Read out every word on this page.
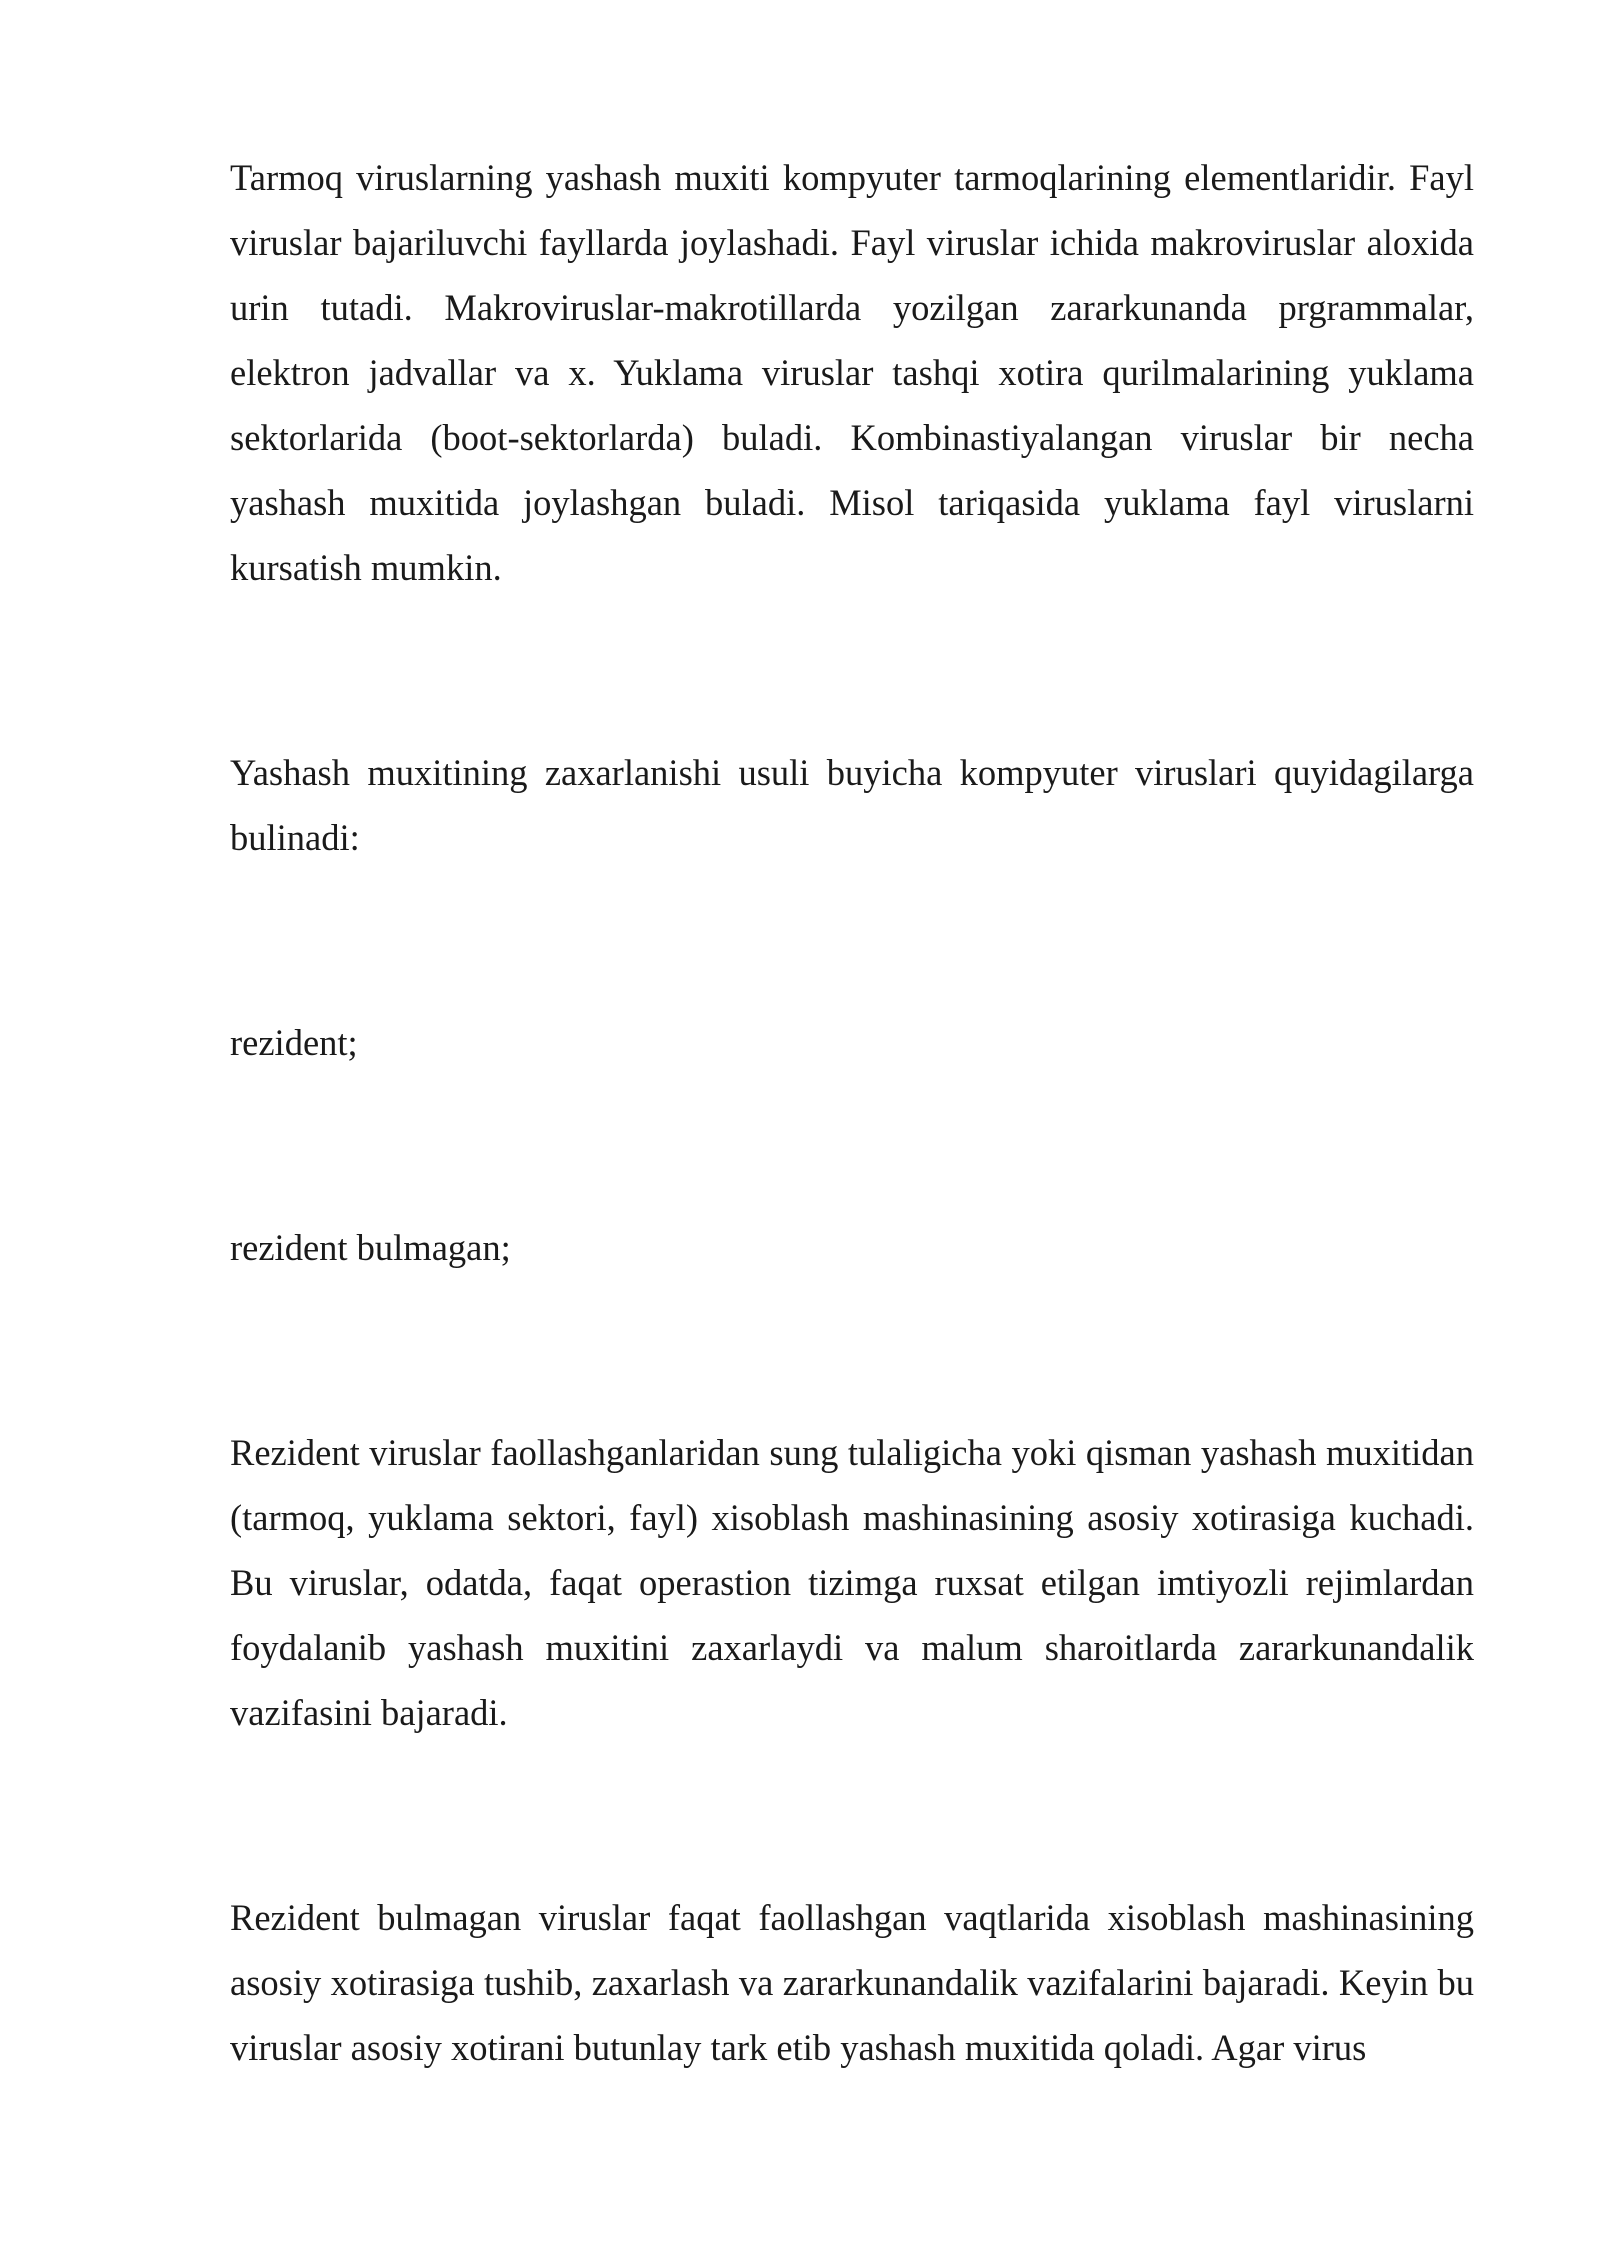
Tarmoq viruslarning yashash muxiti kompyuter tarmoqlarining elementlaridir. Fayl viruslar bajariluvchi fayllarda joylashadi. Fayl viruslar ichida makroviruslar aloxida urin tutadi. Makroviruslar-makrotillarda yozilgan zararkunanda prgrammalar, elektron jadvallar va x. Yuklama viruslar tashqi xotira qurilmalarining yuklama sektorlarida (boot-sektorlarda) buladi. Kombinastiyalangan viruslar bir necha yashash muxitida joylashgan buladi. Misol tariqasida yuklama fayl viruslarni kursatish mumkin.

Yashash muxitining zaxarlanishi usuli buyicha kompyuter viruslari quyidagilarga bulinadi:

rezident;

rezident bulmagan;

Rezident viruslar faollashganlaridan sung tulaligicha yoki qisman yashash muxitidan (tarmoq, yuklama sektori, fayl) xisoblash mashinasining asosiy xotirasiga kuchadi. Bu viruslar, odatda, faqat operastion tizimga ruxsat etilgan imtiyozli rejimlardan foydalanib yashash muxitini zaxarlaydi va malum sharoitlarda zararkunandalik vazifasini bajaradi.

Rezident bulmagan viruslar faqat faollashgan vaqtlarida xisoblash mashinasining asosiy xotirasiga tushib, zaxarlash va zararkunandalik vazifalarini bajaradi. Keyin bu viruslar asosiy xotirani butunlay tark etib yashash muxitida qoladi. Agar virus
